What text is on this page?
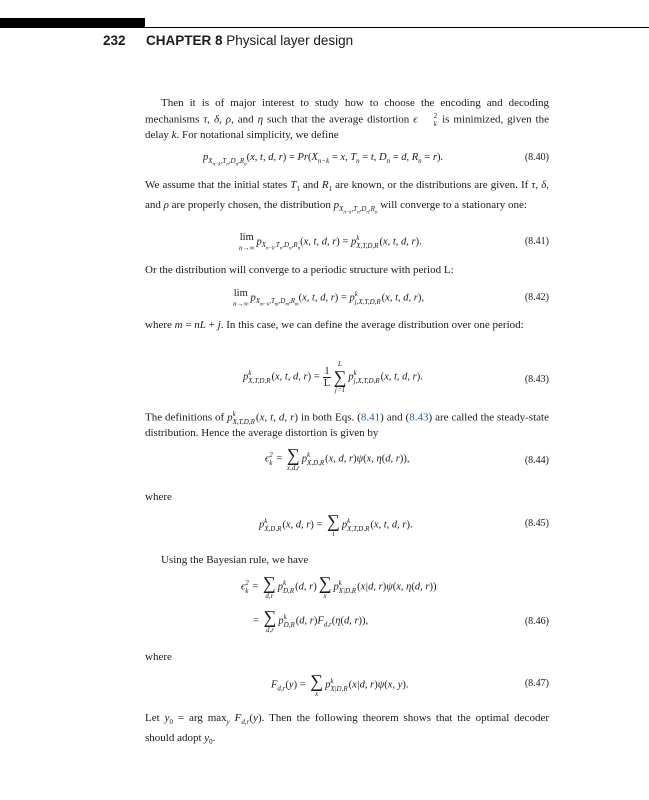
232 CHAPTER 8 Physical layer design
Then it is of major interest to study how to choose the encoding and decoding mechanisms τ, δ, ρ, and η such that the average distortion ϵ	2
k is minimized, given the delay k. For notational simplicity, we define
$p_{X_{n-k},T_n,D_n,R_n}(x$, t, d, $r) = Pr(X_{n-k} = x$, $T_n = t$, $D_n = d$, $R_n = r$).	(8.40)
We assume that the initial states $T_1$ and $R_1$ are known, or the distributions are given. If τ, δ, and ρ are properly chosen, the distribution $p_{X_{n-k},T_n,D_n,R_n}$ will converge to a stationary one:
lim
n→∞
$p_{X_{n-k},T_n,D_n,R_n}(x$, t, d, r) = p k
X,T,D,R (x, t, d, r).	(8.41)
Or the distribution will converge to a periodic structure with period L:
lim
n→∞
$p_{X_{m-k},T_m,D_m,R_m}(x$, t, d, r) = p k
j,X,T,D,R (x, t, d, r),	(8.42)
where m = nL + j. In this case, we can define the average distribution over one period:
p k
X,T,D,R (x, t, d, $r) = \frac{1}{L}$
L
∑
j=1
p k
j,X,T,D,R (x, t, d, r).	(8.43)
The definitions of p k
X,T,D,R (x, t, d, r) in both Eqs. (8.41) and (8.43) are called the steady-state distribution. Hence the average distortion is given by
ϵ 2
k = ∑
x,d,r
p k
X,D,R (x, d, r)ψ(x, η(d, r)),	(8.44)
where
p k
X,D,R (x, d, r) = ∑
t
p k
X,T,D,R (x, t, d, r).	(8.45)
Using the Bayesian rule, we have
ϵ 2
k = ∑
d,r
p k
D,R (d, r) ∑
x
p k
X|D,R (x|d, r)ψ(x, η(d, r))
= ∑
d,r
p k
D,R (d, $r)F_{d,r}(\eta(d$, r)),	(8.46)
where
$F_{d,r}(y)$ = ∑
x
p k
X|D,R (x|d, r)ψ(x, y).	(8.47)
Let $y_0$ = arg $\max_y F_{d,r}(y)$. Then the following theorem shows that the optimal decoder should adopt $y_0$.
